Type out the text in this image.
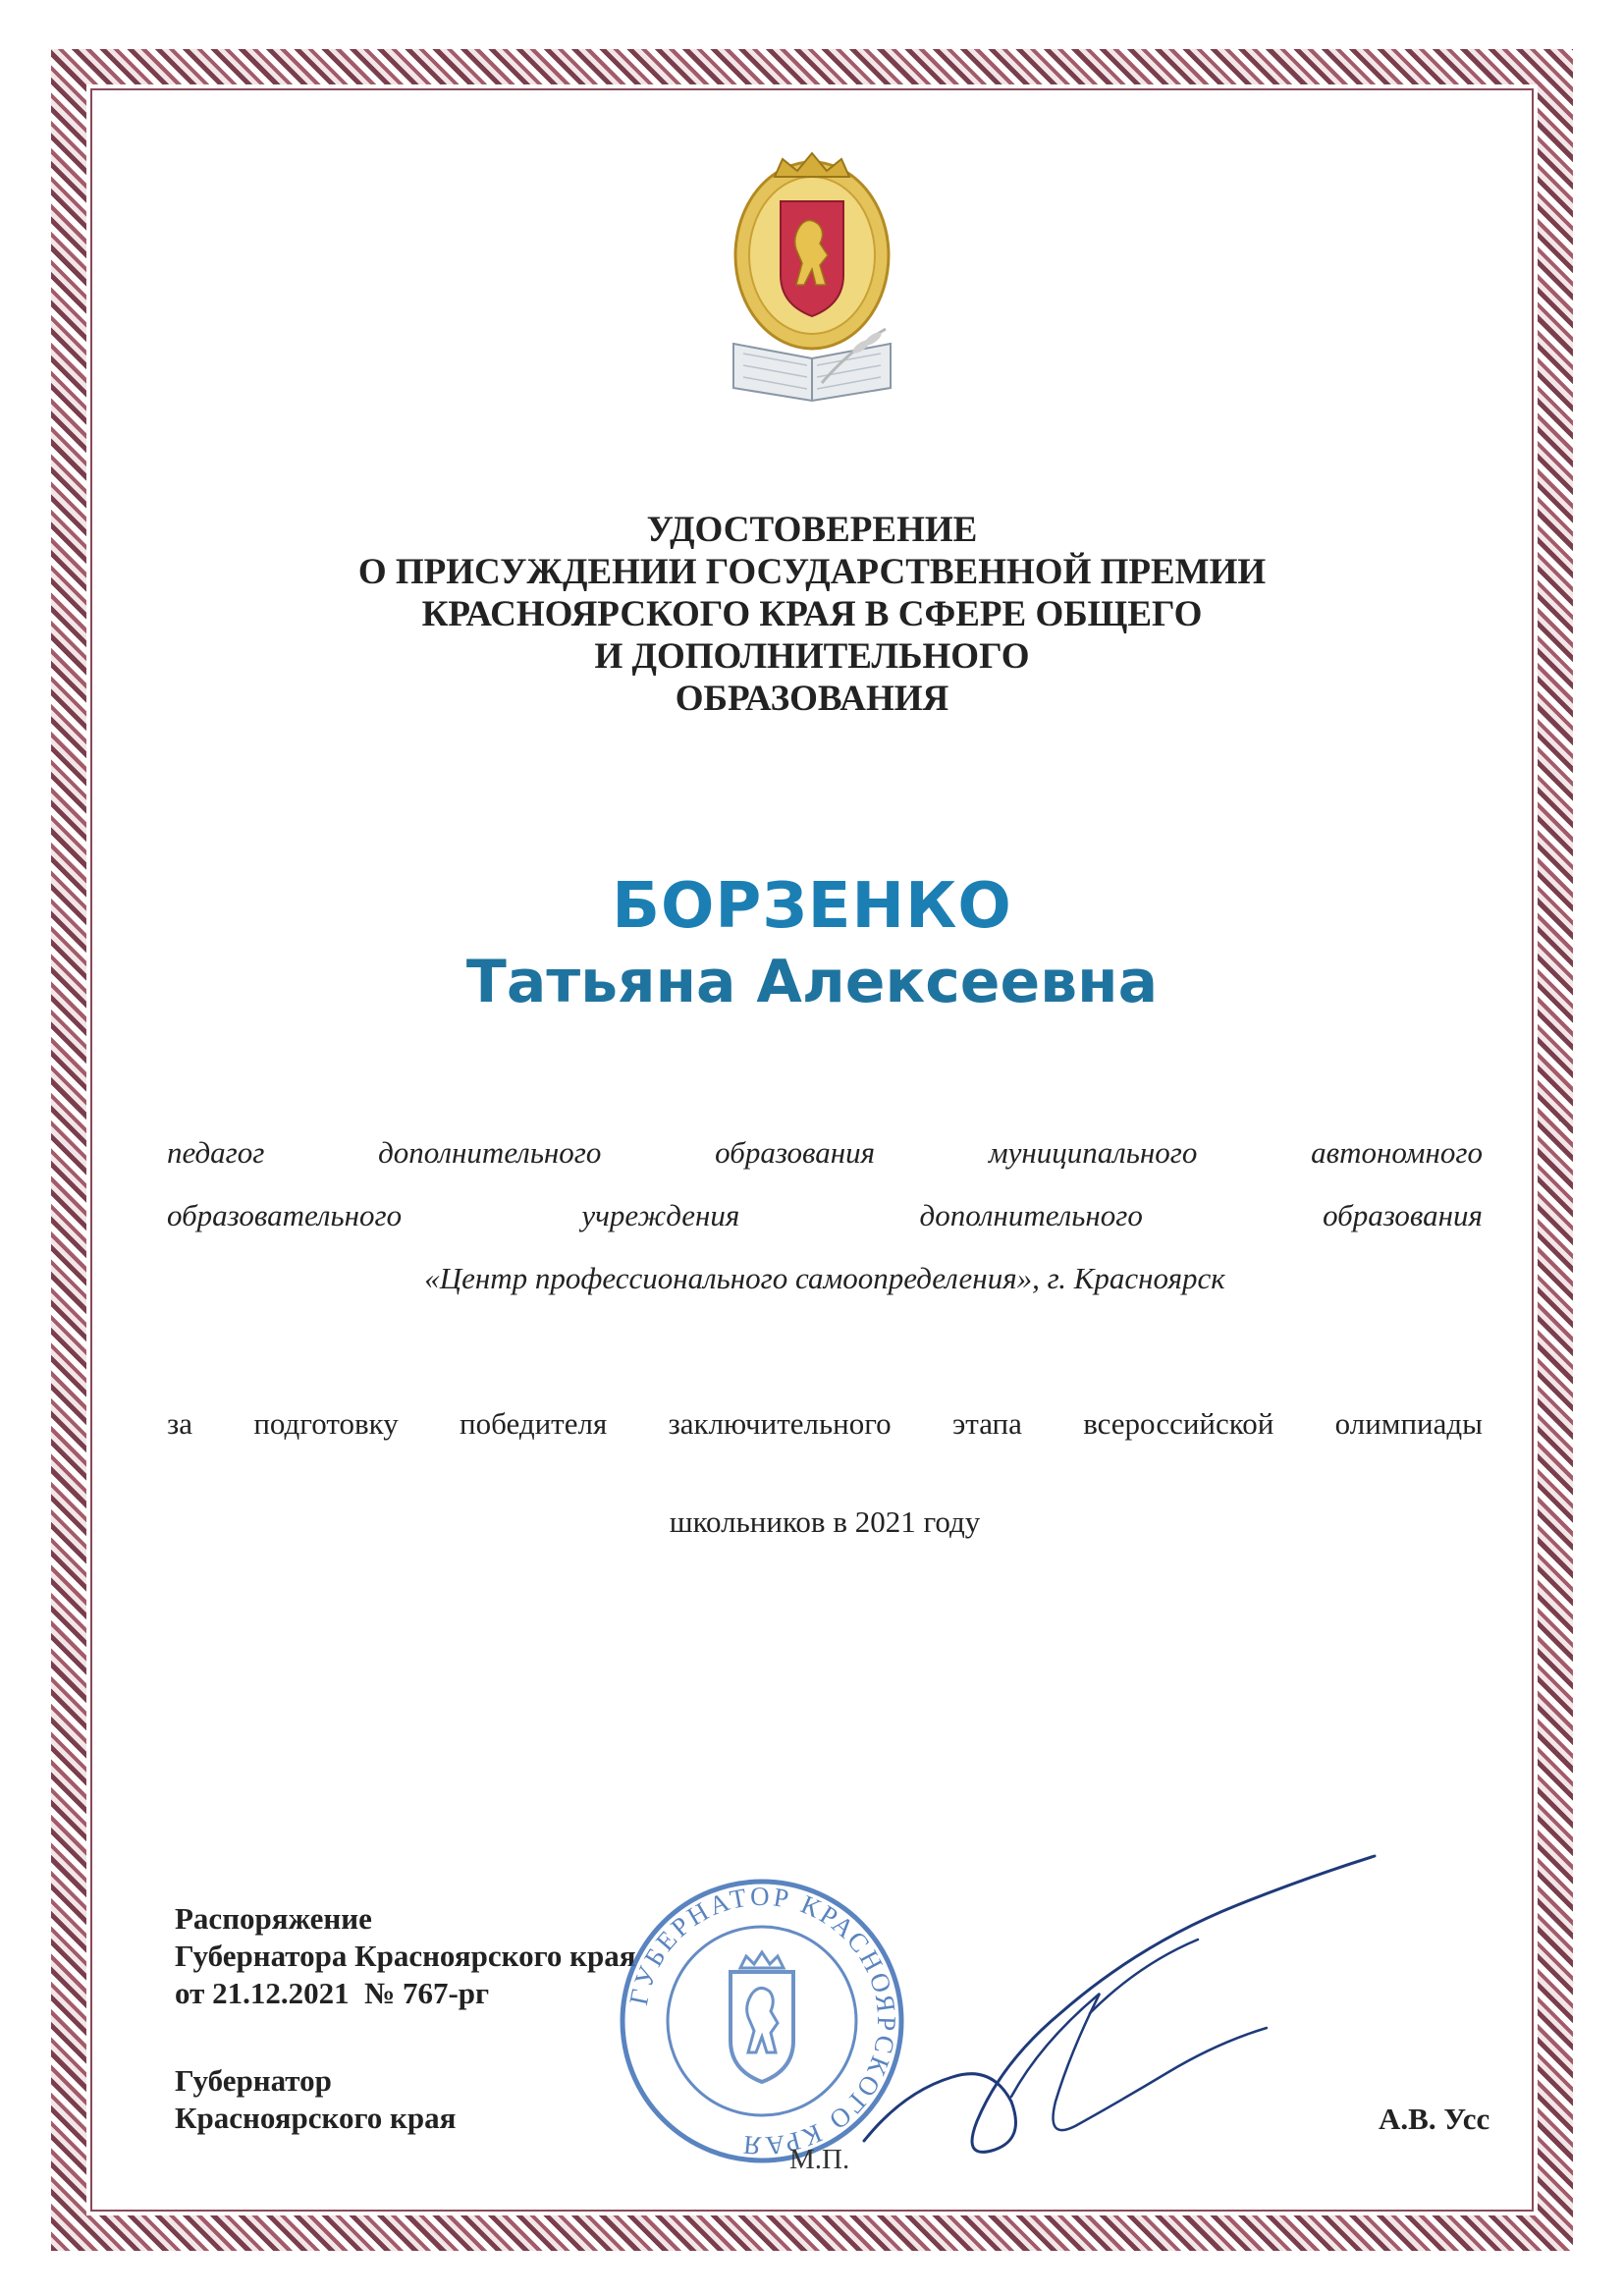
УДОСТОВЕРЕНИЕ
О ПРИСУЖДЕНИИ ГОСУДАРСТВЕННОЙ ПРЕМИИ
КРАСНОЯРСКОГО КРАЯ В СФЕРЕ ОБЩЕГО
И ДОПОЛНИТЕЛЬНОГО
ОБРАЗОВАНИЯ
БОРЗЕНКО
Татьяна Алексеевна
педагог	дополнительного	образования	муниципального	автономного
образовательного	учреждения	дополнительного	образования
«Центр профессионального самоопределения», г. Красноярск
за подготовку победителя заключительного этапа всероссийской олимпиады
школьников в 2021 году
Распоряжение
Губернатора Красноярского края
от 21.12.2021  № 767-рг
Губернатор
Красноярского края
ГУБЕРНАТОР КРАСНОЯРСКОГО КРАЯ М.П.
А.В. Усс
